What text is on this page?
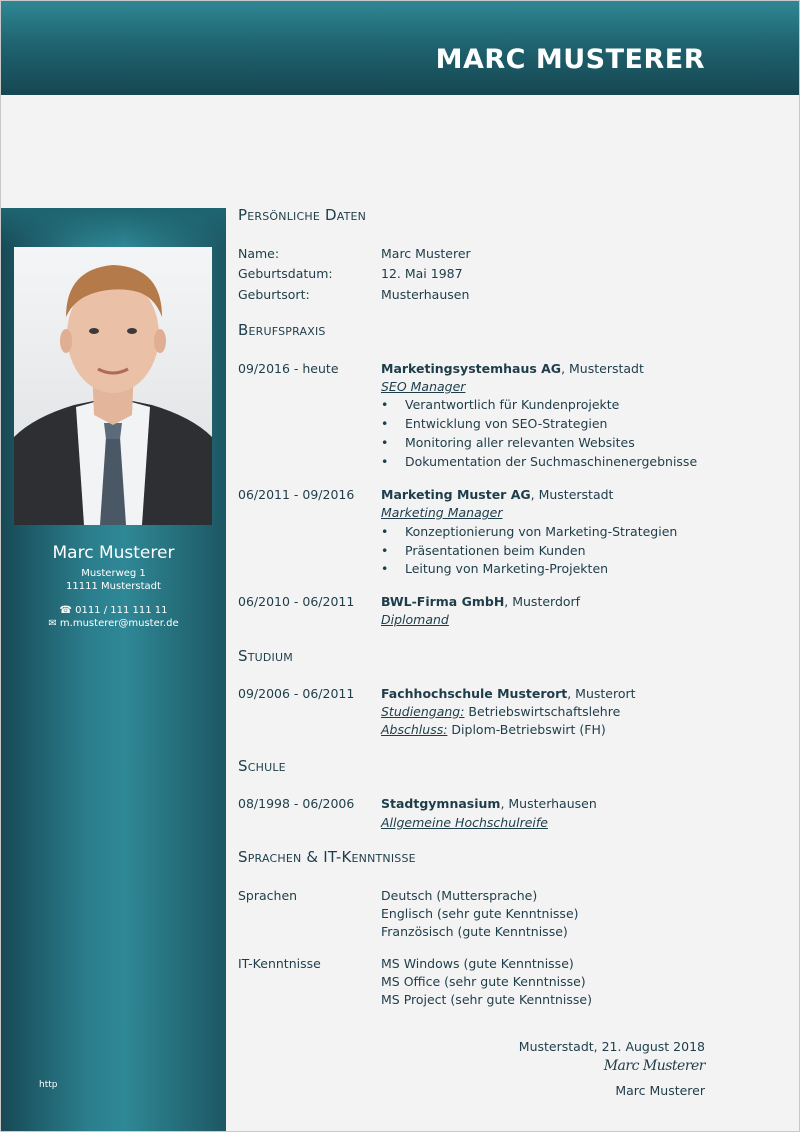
MARC MUSTERER
Marc Musterer
Musterweg 1
11111 Musterstadt
☎ 0111 / 111 111 11
✉ m.musterer@muster.de
http
Persönliche Daten
Name:	Marc Musterer
Geburtsdatum:	12. Mai 1987
Geburtsort:	Musterhausen
Berufspraxis
09/2016 - heute	Marketingsystemhaus AG, Musterstadt
SEO Manager
• Verantwortlich für Kundenprojekte
• Entwicklung von SEO-Strategien
• Monitoring aller relevanten Websites
• Dokumentation der Suchmaschinenergebnisse
06/2011 - 09/2016 Marketing Muster AG, Musterstadt
Marketing Manager
• Konzeptionierung von Marketing-Strategien
• Präsentationen beim Kunden
• Leitung von Marketing-Projekten
06/2010 - 06/2011 BWL-Firma GmbH, Musterdorf
Diplomand
Studium
09/2006 - 06/2011 Fachhochschule Musterort, Musterort
Studiengang: Betriebswirtschaftslehre
Abschluss: Diplom-Betriebswirt (FH)
Schule
08/1998 - 06/2006 Stadtgymnasium, Musterhausen
Allgemeine Hochschulreife
Sprachen & IT-Kenntnisse
Sprachen	Deutsch (Muttersprache)
Englisch (sehr gute Kenntnisse)
Französisch (gute Kenntnisse)
IT-Kenntnisse	MS Windows (gute Kenntnisse)
MS Office (sehr gute Kenntnisse)
MS Project (sehr gute Kenntnisse)
Musterstadt, 21. August 2018
Marc Musterer
Marc Musterer
